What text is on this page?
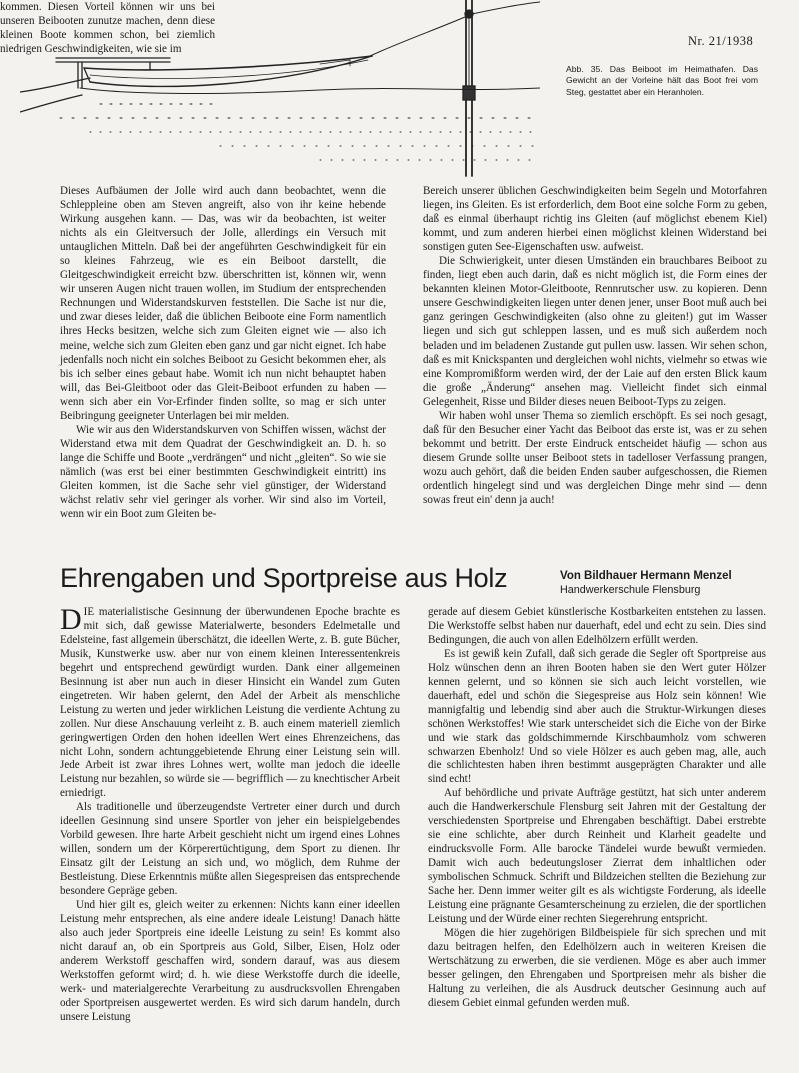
Nr. 21/1938
Abb. 35. Das Beiboot im Heimathafen. Das Gewicht an der Vorleine hält das Boot frei vom Steg, gestattet aber ein Heranholen.
kommen. Diesen Vorteil können wir uns bei unseren Beibooten zunutze machen, denn diese kleinen Boote kommen schon, bei ziemlich niedrigen Geschwindigkeiten, wie sie im

Dieses Aufbäumen der Jolle wird auch dann beobachtet, wenn die Schleppleine oben am Steven angreift, also von ihr keine hebende Wirkung ausgehen kann. — Das, was wir da beobachten, ist weiter nichts als ein Gleitversuch der Jolle, allerdings ein Versuch mit untauglichen Mitteln. Daß bei der angeführten Geschwindigkeit für ein so kleines Fahrzeug, wie es ein Beiboot darstellt, die Gleitgeschwindigkeit erreicht bzw. überschritten ist, können wir, wenn wir unseren Augen nicht trauen wollen, im Studium der entsprechenden Rechnungen und Widerstandskurven feststellen. Die Sache ist nur die, und zwar dieses leider, daß die üblichen Beiboote eine Form namentlich ihres Hecks besitzen, welche sich zum Gleiten eignet wie — also ich meine, welche sich zum Gleiten eben ganz und gar nicht eignet. Ich habe jedenfalls noch nicht ein solches Beiboot zu Gesicht bekommen eher, als bis ich selber eines gebaut habe. Womit ich nun nicht behauptet haben will, das Bei-Gleitboot oder das Gleit-Beiboot erfunden zu haben — wenn sich aber ein Vor-Erfinder finden sollte, so mag er sich unter Beibringung geeigneter Unterlagen bei mir melden.

Wie wir aus den Widerstandskurven von Schiffen wissen, wächst der Widerstand etwa mit dem Quadrat der Geschwindigkeit an. D. h. so lange die Schiffe und Boote „verdrängen“ und nicht „gleiten“. So wie sie nämlich (was erst bei einer bestimmten Geschwindigkeit eintritt) ins Gleiten kommen, ist die Sache sehr viel günstiger, der Widerstand wächst relativ sehr viel geringer als vorher. Wir sind also im Vorteil, wenn wir ein Boot zum Gleiten be-

Bereich unserer üblichen Geschwindigkeiten beim Segeln und Motorfahren liegen, ins Gleiten. Es ist erforderlich, dem Boot eine solche Form zu geben, daß es einmal überhaupt richtig ins Gleiten (auf möglichst ebenem Kiel) kommt, und zum anderen hierbei einen möglichst kleinen Widerstand bei sonstigen guten See-Eigenschaften usw. aufweist.

Die Schwierigkeit, unter diesen Umständen ein brauchbares Beiboot zu finden, liegt eben auch darin, daß es nicht möglich ist, die Form eines der bekannten kleinen Motor-Gleitboote, Rennrutscher usw. zu kopieren. Denn unsere Geschwindigkeiten liegen unter denen jener, unser Boot muß auch bei ganz geringen Geschwindigkeiten (also ohne zu gleiten!) gut im Wasser liegen und sich gut schleppen lassen, und es muß sich außerdem noch beladen und im beladenen Zustande gut pullen usw. lassen. Wir sehen schon, daß es mit Knickspanten und dergleichen wohl nichts, vielmehr so etwas wie eine Kompromißform werden wird, der der Laie auf den ersten Blick kaum die große „Änderung“ ansehen mag. Vielleicht findet sich einmal Gelegenheit, Risse und Bilder dieses neuen Beiboot-Typs zu zeigen.

Wir haben wohl unser Thema so ziemlich erschöpft. Es sei noch gesagt, daß für den Besucher einer Yacht das Beiboot das erste ist, was er zu sehen bekommt und betritt. Der erste Eindruck entscheidet häufig — schon aus diesem Grunde sollte unser Beiboot stets in tadelloser Verfassung prangen, wozu auch gehört, daß die beiden Enden sauber aufgeschossen, die Riemen ordentlich hingelegt sind und was dergleichen Dinge mehr sind — denn sowas freut ein' denn ja auch!

Ehrengaben und Sportpreise aus Holz	Von Bildhauer Hermann Menzel
Handwerkerschule Flensburg

DIE materialistische Gesinnung der überwundenen Epoche brachte es mit sich, daß gewisse Materialwerte, besonders Edelmetalle und Edelsteine, fast allgemein überschätzt, die ideellen Werte, z. B. gute Bücher, Musik, Kunstwerke usw. aber nur von einem kleinen Interessentenkreis begehrt und entsprechend gewürdigt wurden. Dank einer allgemeinen Besinnung ist aber nun auch in dieser Hinsicht ein Wandel zum Guten eingetreten. Wir haben gelernt, den Adel der Arbeit als menschliche Leistung zu werten und jeder wirklichen Leistung die verdiente Achtung zu zollen. Nur diese Anschauung verleiht z. B. auch einem materiell ziemlich geringwertigen Orden den hohen ideellen Wert eines Ehrenzeichens, das nicht Lohn, sondern achtunggebietende Ehrung einer Leistung sein will. Jede Arbeit ist zwar ihres Lohnes wert, wollte man jedoch die ideelle Leistung nur bezahlen, so würde sie — begrifflich — zu knechtischer Arbeit erniedrigt.

Als traditionelle und überzeugendste Vertreter einer durch und durch ideellen Gesinnung sind unsere Sportler von jeher ein beispielgebendes Vorbild gewesen. Ihre harte Arbeit geschieht nicht um irgend eines Lohnes willen, sondern um der Körperertüchtigung, dem Sport zu dienen. Ihr Einsatz gilt der Leistung an sich und, wo möglich, dem Ruhme der Bestleistung. Diese Erkenntnis müßte allen Siegespreisen das entsprechende besondere Gepräge geben.

Und hier gilt es, gleich weiter zu erkennen: Nichts kann einer ideellen Leistung mehr entsprechen, als eine andere ideale Leistung! Danach hätte also auch jeder Sportpreis eine ideelle Leistung zu sein! Es kommt also nicht darauf an, ob ein Sportpreis aus Gold, Silber, Eisen, Holz oder anderem Werkstoff geschaffen wird, sondern darauf, was aus diesem Werkstoffen geformt wird; d. h. wie diese Werkstoffe durch die ideelle, werk- und materialgerechte Verarbeitung zu ausdrucksvollen Ehrengaben oder Sportpreisen ausgewertet werden. Es wird sich darum handeln, durch unsere Leistung

gerade auf diesem Gebiet künstlerische Kostbarkeiten entstehen zu lassen. Die Werkstoffe selbst haben nur dauerhaft, edel und echt zu sein. Dies sind Bedingungen, die auch von allen Edelhölzern erfüllt werden.

Es ist gewiß kein Zufall, daß sich gerade die Segler oft Sportpreise aus Holz wünschen denn an ihren Booten haben sie den Wert guter Hölzer kennen gelernt, und so können sie sich auch leicht vorstellen, wie dauerhaft, edel und schön die Siegespreise aus Holz sein können! Wie mannigfaltig und lebendig sind aber auch die Struktur-Wirkungen dieses schönen Werkstoffes! Wie stark unterscheidet sich die Eiche von der Birke und wie stark das goldschimmernde Kirschbaumholz vom schweren schwarzen Ebenholz! Und so viele Hölzer es auch geben mag, alle, auch die schlichtesten haben ihren bestimmt ausgeprägten Charakter und alle sind echt!

Auf behördliche und private Aufträge gestützt, hat sich unter anderem auch die Handwerkerschule Flensburg seit Jahren mit der Gestaltung der verschiedensten Sportpreise und Ehrengaben beschäftigt. Dabei erstrebte sie eine schlichte, aber durch Reinheit und Klarheit geadelte und eindrucksvolle Form. Alle barocke Tändelei wurde bewußt vermieden. Damit wich auch bedeutungsloser Zierrat dem inhaltlichen oder symbolischen Schmuck. Schrift und Bildzeichen stellten die Beziehung zur Sache her. Denn immer weiter gilt es als wichtigste Forderung, als ideelle Leistung eine prägnante Gesamterscheinung zu erzielen, die der sportlichen Leistung und der Würde einer rechten Siegerehrung entspricht.

Mögen die hier zugehörigen Bildbeispiele für sich sprechen und mit dazu beitragen helfen, den Edelhölzern auch in weiteren Kreisen die Wertschätzung zu erwerben, die sie verdienen. Möge es aber auch immer besser gelingen, den Ehrengaben und Sportpreisen mehr als bisher die Haltung zu verleihen, die als Ausdruck deutscher Gesinnung auch auf diesem Gebiet einmal gefunden werden muß.
